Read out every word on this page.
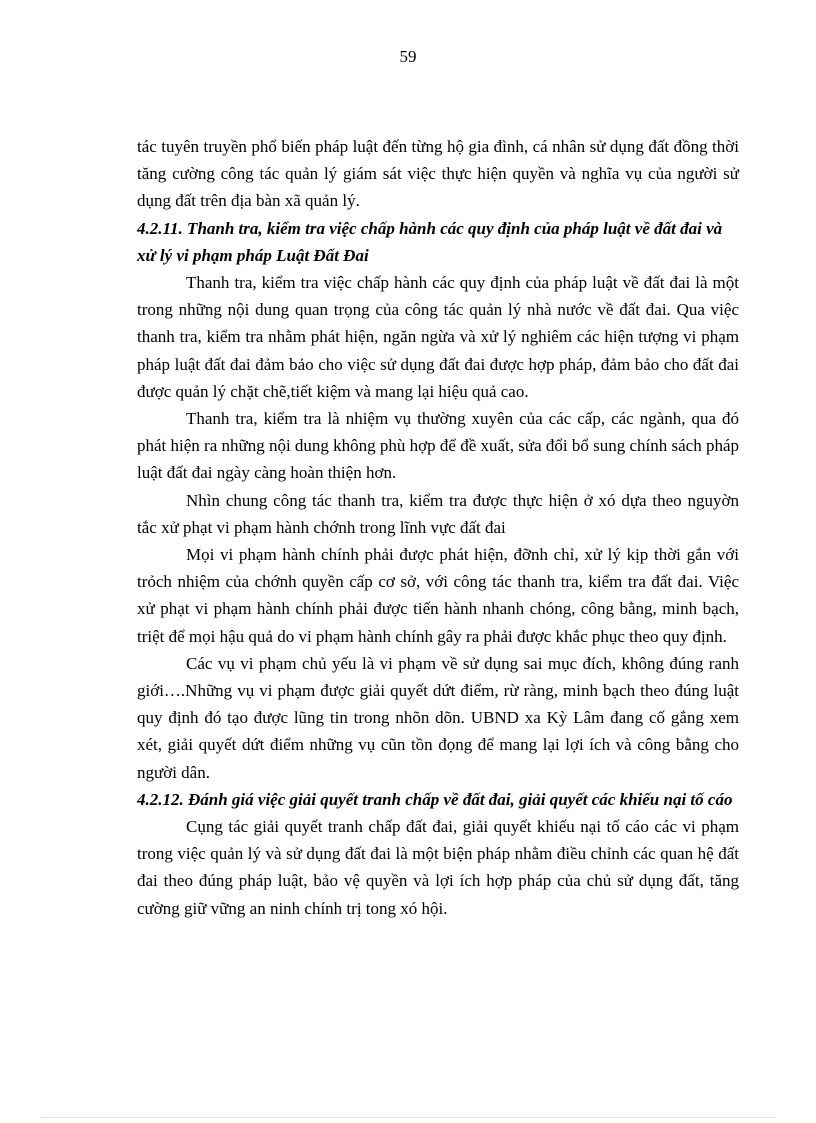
59

tác tuyên truyền phổ biến pháp luật đến từng hộ gia đình, cá nhân sử dụng đất đồng thời tăng cường công tác quản lý giám sát việc thực hiện quyền và nghĩa vụ của người sử dụng đất trên địa bàn xã quản lý.

4.2.11. Thanh tra, kiểm tra việc chấp hành các quy định của pháp luật về đất đai và xử lý vi phạm pháp Luật Đất Đai

Thanh tra, kiểm tra việc chấp hành các quy định của pháp luật về đất đai là một trong những nội dung quan trọng của công tác quản lý nhà nước về đất đai. Qua việc thanh tra, kiểm tra nhằm phát hiện, ngăn ngừa và xử lý nghiêm các hiện tượng vi phạm pháp luật đất đai đảm bảo cho việc sử dụng đất đai được hợp pháp, đảm bảo cho đất đai được quản lý chặt chẽ,tiết kiệm và mang lại hiệu quả cao.

Thanh tra, kiểm tra là nhiệm vụ thường xuyên của các cấp, các ngành, qua đó phát hiện ra những nội dung không phù hợp để đề xuất, sửa đổi bổ sung chính sách pháp luật đất đai ngày càng hoàn thiện hơn.

Nhìn chung công tác thanh tra, kiểm tra được thực hiện ở xó dựa theo nguyờn tắc xử phạt vi phạm hành chớnh trong lĩnh vực đất đai

Mọi vi phạm hành chính phải được phát hiện, đỡnh chỉ, xử lý kịp thời gắn với trỏch nhiệm của chớnh quyền cấp cơ sở, với công tác thanh tra, kiểm tra đất đai. Việc xử phạt vi phạm hành chính phải được tiến hành nhanh chóng, công bằng, minh bạch, triệt để mọi hậu quả do vi phạm hành chính gây ra phải được khắc phục theo quy định.

Các vụ vi phạm chủ yếu là vi phạm về sử dụng sai mục đích, không đúng ranh giới….Những vụ vi phạm được giải quyết dứt điểm, rừ ràng, minh bạch theo đúng luật quy định đó tạo được lũng tin trong nhõn dõn. UBND xa Kỳ Lâm đang cố gắng xem xét, giải quyết dứt điểm những vụ cũn tồn đọng để mang lại lợi ích và công bằng cho người dân.

4.2.12. Đánh giá việc giải quyết tranh chấp về đất đai, giải quyết các khiếu nại tố cáo

Cụng tác giải quyết tranh chấp đất đai, giải quyết khiếu nại tố cáo các vi phạm trong việc quản lý và sử dụng đất đai là một biện pháp nhằm điều chỉnh các quan hệ đất đai theo đúng pháp luật, bảo vệ quyền và lợi ích hợp pháp của chủ sử dụng đất, tăng cường giữ vững an ninh chính trị tong xó hội.
